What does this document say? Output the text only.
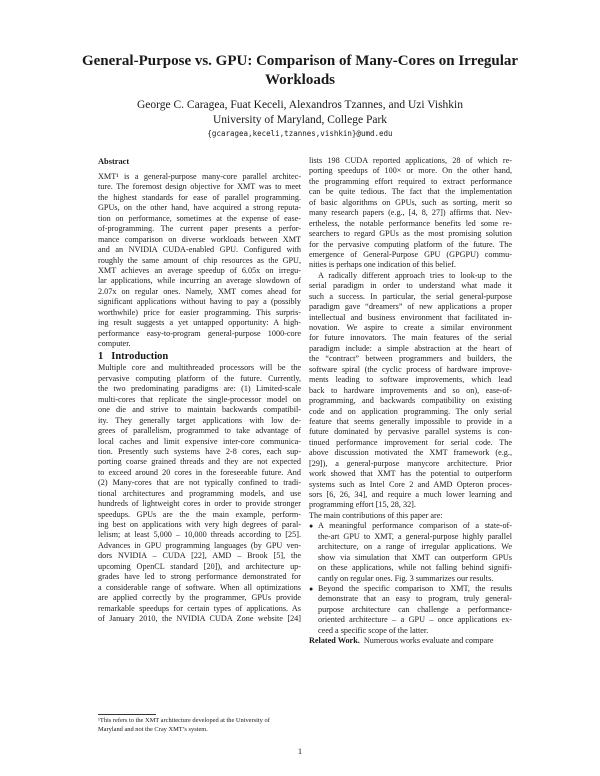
General-Purpose vs. GPU: Comparison of Many-Cores on Irregular
Workloads
George C. Caragea, Fuat Keceli, Alexandros Tzannes, and Uzi Vishkin
University of Maryland, College Park
{gcaragea,keceli,tzannes,vishkin}@umd.edu
Abstract
XMT¹ is a general-purpose many-core parallel architec-
ture. The foremost design objective for XMT was to meet
the highest standards for ease of parallel programming.
GPUs, on the other hand, have acquired a strong reputa-
tion on performance, sometimes at the expense of ease-
of-programming. The current paper presents a perfor-
mance comparison on diverse workloads between XMT
and an NVIDIA CUDA-enabled GPU. Configured with
roughly the same amount of chip resources as the GPU,
XMT achieves an average speedup of 6.05x on irregu-
lar applications, while incurring an average slowdown of
2.07x on regular ones. Namely, XMT comes ahead for
significant applications without having to pay a (possibly
worthwhile) price for easier programming. This surpris-
ing result suggests a yet untapped opportunity: A high-
performance easy-to-program general-purpose 1000-core
computer.
1 Introduction
Multiple core and multithreaded processors will be the
pervasive computing platform of the future. Currently,
the two predominating paradigms are: (1) Limited-scale
multi-cores that replicate the single-processor model on
one die and strive to maintain backwards compatibil-
ity. They generally target applications with low de-
grees of parallelism, programmed to take advantage of
local caches and limit expensive inter-core communica-
tion. Presently such systems have 2-8 cores, each sup-
porting coarse grained threads and they are not expected
to exceed around 20 cores in the foreseeable future. And
(2) Many-cores that are not typically confined to tradi-
tional architectures and programming models, and use
hundreds of lightweight cores in order to provide stronger
speedups. GPUs are the the main example, perform-
ing best on applications with very high degrees of paral-
lelism; at least 5,000 – 10,000 threads according to [25].
Advances in GPU programming languages (by GPU ven-
dors NVIDIA – CUDA [22], AMD – Brook [5], the
upcoming OpenCL standard [20]), and architecture up-
grades have led to strong performance demonstrated for
a considerable range of software. When all optimizations
are applied correctly by the programmer, GPUs provide
remarkable speedups for certain types of applications. As
of January 2010, the NVIDIA CUDA Zone website [24]
¹This refers to the XMT architecture developed at the University of
Maryland and not the Cray XMT’s system.
lists 198 CUDA reported applications, 28 of which re-
porting speedups of 100× or more. On the other hand,
the programming effort required to extract performance
can be quite tedious. The fact that the implementation
of basic algorithms on GPUs, such as sorting, merit so
many research papers (e.g., [4, 8, 27]) affirms that. Nev-
ertheless, the notable performance benefits led some re-
searchers to regard GPUs as the most promising solution
for the pervasive computing platform of the future. The
emergence of General-Purpose GPU (GPGPU) commu-
nities is perhaps one indication of this belief.
A radically different approach tries to look-up to the
serial paradigm in order to understand what made it
such a success. In particular, the serial general-purpose
paradigm gave “dreamers” of new applications a proper
intellectual and business environment that facilitated in-
novation. We aspire to create a similar environment
for future innovators. The main features of the serial
paradigm include: a simple abstraction at the heart of
the “contract” between programmers and builders, the
software spiral (the cyclic process of hardware improve-
ments leading to software improvements, which lead
back to hardware improvements and so on), ease-of-
programming, and backwards compatibility on existing
code and on application programming. The only serial
feature that seems generally impossible to provide in a
future dominated by pervasive parallel systems is con-
tinued performance improvement for serial code. The
above discussion motivated the XMT framework (e.g.,
[29]), a general-purpose manycore architecture. Prior
work showed that XMT has the potential to outperform
systems such as Intel Core 2 and AMD Opteron proces-
sors [6, 26, 34], and require a much lower learning and
programming effort [15, 28, 32].
The main contributions of this paper are:
● A meaningful performance comparison of a state-of-
the-art GPU to XMT, a general-purpose highly parallel
architecture, on a range of irregular applications. We
show via simulation that XMT can outperform GPUs
on these applications, while not falling behind signifi-
cantly on regular ones. Fig. 3 summarizes our results.
● Beyond the specific comparison to XMT, the results
demonstrate that an easy to program, truly general-
purpose architecture can challenge a performance-
oriented architecture – a GPU – once applications ex-
ceed a specific scope of the latter.
Related Work. Numerous works evaluate and compare
1
